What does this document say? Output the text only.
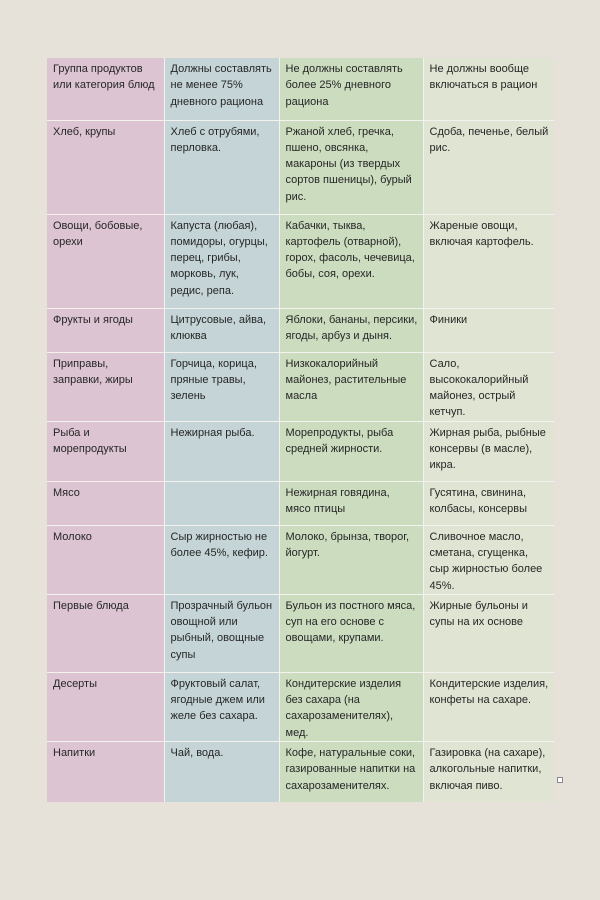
Группа продуктов или категория блюд	Должны составлять не менее 75% дневного рациона	Не должны составлять более 25% дневного рациона	Не должны вообще включаться в рацион
Хлеб, крупы	Хлеб с отрубями, перловка.	Ржаной хлеб, гречка, пшено, овсянка, макароны (из твердых сортов пшеницы), бурый рис.	Сдоба, печенье, белый рис.
Овощи, бобовые, орехи	Капуста (любая), помидоры, огурцы, перец, грибы, морковь, лук, редис, репа.	Кабачки, тыква, картофель (отварной), горох, фасоль, чечевица, бобы, соя, орехи.	Жареные овощи, включая картофель.
Фрукты и ягоды	Цитрусовые, айва, клюква	Яблоки, бананы, персики, ягоды, арбуз и дыня.	Финики
Приправы, заправки, жиры	Горчица, корица, пряные травы, зелень	Низкокалорийный майонез, растительные масла	Сало, высококалорийный майонез, острый кетчуп.
Рыба и морепродукты	Нежирная рыба.	Морепродукты, рыба средней жирности.	Жирная рыба, рыбные консервы (в масле), икра.
Мясо		Нежирная говядина, мясо птицы	Гусятина, свинина, колбасы, консервы
Молоко	Сыр жирностью не более 45%, кефир.	Молоко, брынза, творог, йогурт.	Сливочное масло, сметана, сгущенка, сыр жирностью более 45%.
Первые блюда	Прозрачный бульон овощной или рыбный, овощные супы	Бульон из постного мяса, суп на его основе с овощами, крупами.	Жирные бульоны и супы на их основе
Десерты	Фруктовый салат, ягодные джем или желе без сахара.	Кондитерские изделия без сахара (на сахарозаменителях), мед.	Кондитерские изделия, конфеты на сахаре.
Напитки	Чай, вода.	Кофе, натуральные соки, газированные напитки на сахарозаменителях.	Газировка (на сахаре), алкогольные напитки, включая пиво.
